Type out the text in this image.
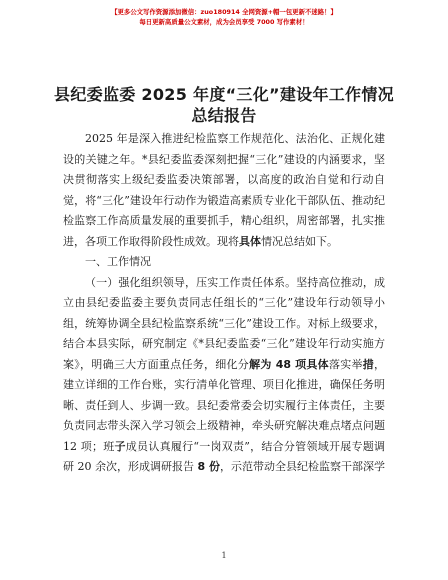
【更多公文写作资源添加微信：zuo180914 全网资源+帽一包更新不迷路！】
每日更新高质量公文素材，成为会员享受 7000 写作素材！
县纪委监委 2025 年度“三化”建设年工作情况
总结报告

2025 年是深入推进纪检监察工作规范化、法治化、正规化建设的关键之年。*县纪委监委深刻把握“三化”建设的内涵要求，坚决贯彻落实上级纪委监委决策部署，以高度的政治自觉和行动自觉，将“三化”建设年行动作为锻造高素质专业化干部队伍、推动纪检监察工作高质量发展的重要抓手，精心组织，周密部署，扎实推进，各项工作取得阶段性成效。现将具体情况总结如下。

一、工作情况

（一）强化组织领导，压实工作责任体系。坚持高位推动，成立由县纪委监委主要负责同志任组长的“三化”建设年行动领导小组，统筹协调全县纪检监察系统“三化”建设工作。对标上级要求，结合本县实际，研究制定《*县纪委监委“三化”建设年行动实施方案》，明确三大方面重点任务，细化分解为 48 项具体落实举措，建立详细的工作台账，实行清单化管理、项目化推进，确保任务明晰、责任到人、步调一致。县纪委常委会切实履行主体责任，主要负责同志带头深入学习领会上级精神，牵头研究解决难点堵点问题 12 项；班子成员认真履行“一岗双责”，结合分管领域开展专题调研 20 余次，形成调研报告 8 份，示范带动全县纪检监察干部深学

1
